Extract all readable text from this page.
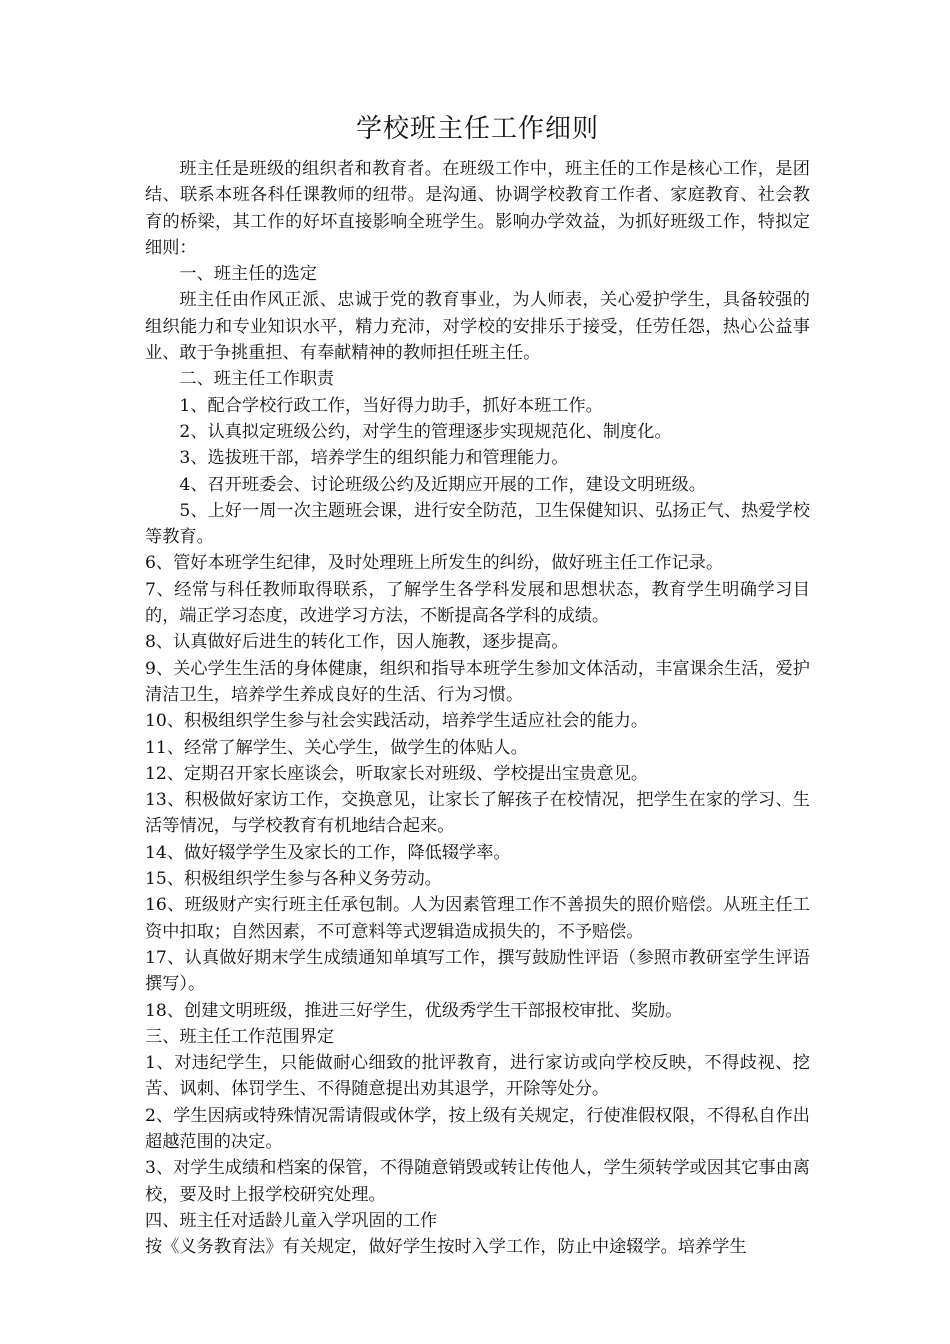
学校班主任工作细则

班主任是班级的组织者和教育者。在班级工作中，班主任的工作是核心工作，是团结、联系本班各科任课教师的纽带。是沟通、协调学校教育工作者、家庭教育、社会教育的桥梁，其工作的好坏直接影响全班学生。影响办学效益，为抓好班级工作，特拟定细则：

一、班主任的选定

班主任由作风正派、忠诚于党的教育事业，为人师表，关心爱护学生，具备较强的组织能力和专业知识水平，精力充沛，对学校的安排乐于接受，任劳任怨，热心公益事业、敢于争挑重担、有奉献精神的教师担任班主任。

二、班主任工作职责

1、配合学校行政工作，当好得力助手，抓好本班工作。

2、认真拟定班级公约，对学生的管理逐步实现规范化、制度化。

3、选拔班干部，培养学生的组织能力和管理能力。

4、召开班委会、讨论班级公约及近期应开展的工作，建设文明班级。

5、上好一周一次主题班会课，进行安全防范，卫生保健知识、弘扬正气、热爱学校等教育。

6、管好本班学生纪律，及时处理班上所发生的纠纷，做好班主任工作记录。

7、经常与科任教师取得联系，了解学生各学科发展和思想状态，教育学生明确学习目的，端正学习态度，改进学习方法，不断提高各学科的成绩。

8、认真做好后进生的转化工作，因人施教，逐步提高。

9、关心学生生活的身体健康，组织和指导本班学生参加文体活动，丰富课余生活，爱护清洁卫生，培养学生养成良好的生活、行为习惯。

10、积极组织学生参与社会实践活动，培养学生适应社会的能力。

11、经常了解学生、关心学生，做学生的体贴人。

12、定期召开家长座谈会，听取家长对班级、学校提出宝贵意见。

13、积极做好家访工作，交换意见，让家长了解孩子在校情况，把学生在家的学习、生活等情况，与学校教育有机地结合起来。

14、做好辍学学生及家长的工作，降低辍学率。

15、积极组织学生参与各种义务劳动。

16、班级财产实行班主任承包制。人为因素管理工作不善损失的照价赔偿。从班主任工资中扣取；自然因素，不可意料等式逻辑造成损失的，不予赔偿。

17、认真做好期末学生成绩通知单填写工作，撰写鼓励性评语（参照市教研室学生评语撰写）。

18、创建文明班级，推进三好学生，优级秀学生干部报校审批、奖励。

三、班主任工作范围界定

1、对违纪学生，只能做耐心细致的批评教育，进行家访或向学校反映，不得歧视、挖苦、讽刺、体罚学生、不得随意提出劝其退学，开除等处分。

2、学生因病或特殊情况需请假或休学，按上级有关规定，行使准假权限，不得私自作出超越范围的决定。

3、对学生成绩和档案的保管，不得随意销毁或转让传他人，学生须转学或因其它事由离校，要及时上报学校研究处理。

四、班主任对适龄儿童入学巩固的工作

按《义务教育法》有关规定，做好学生按时入学工作，防止中途辍学。培养学生
